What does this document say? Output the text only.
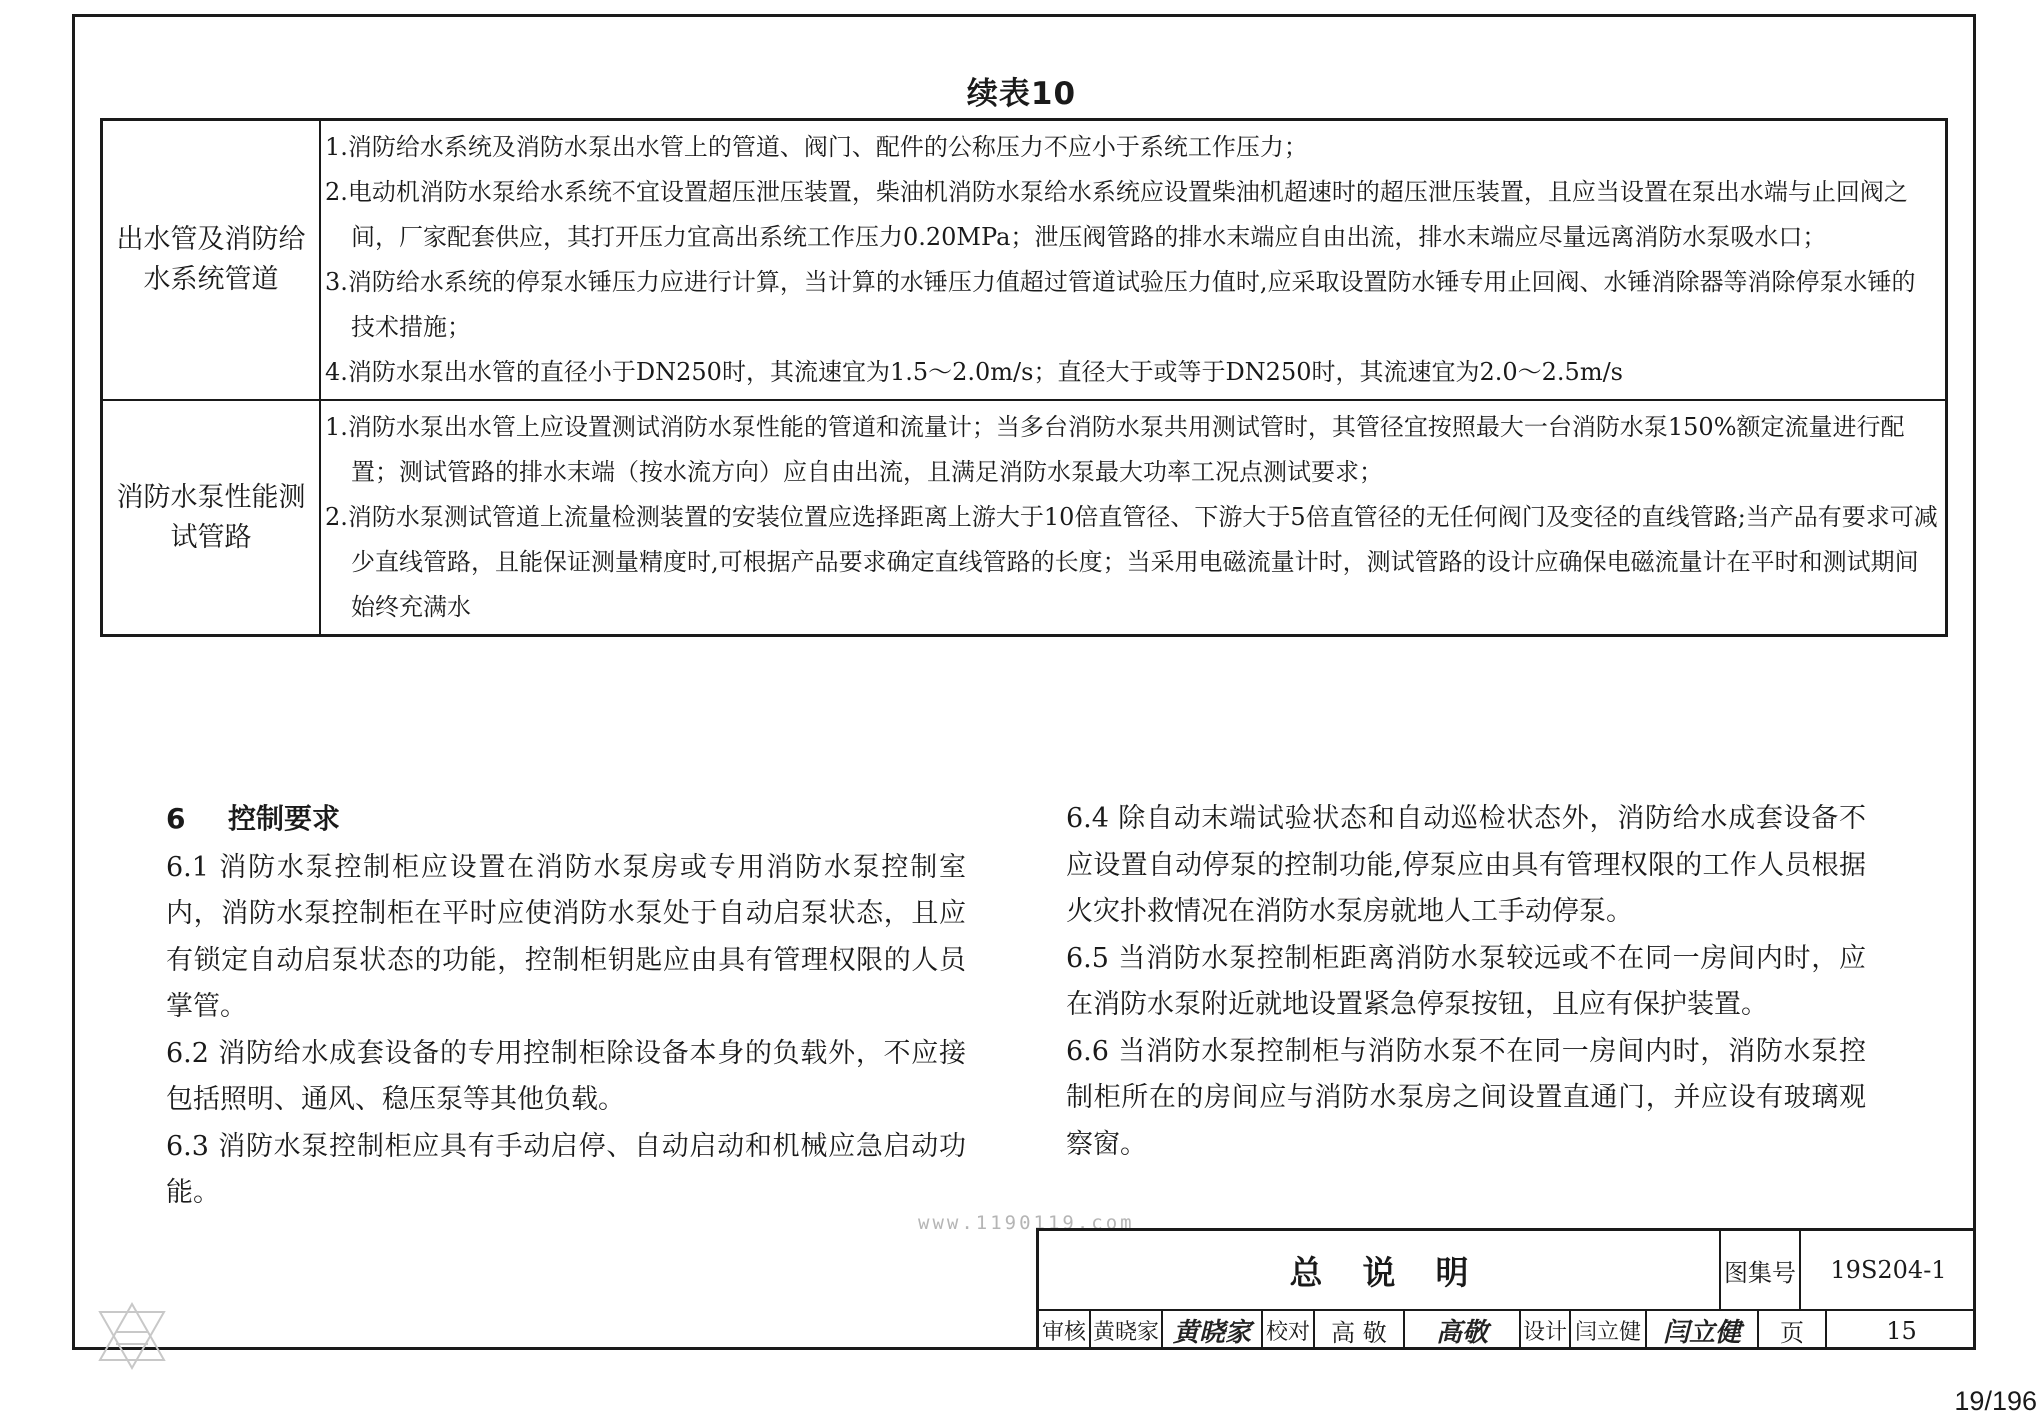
续表10
出水管及消防给水系统管道	1.消防给水系统及消防水泵出水管上的管道、阀门、配件的公称压力不应小于系统工作压力；
2.电动机消防水泵给水系统不宜设置超压泄压装置，柴油机消防水泵给水系统应设置柴油机超速时的超压泄压装置，且应当设置在泵出水端与止回阀之间，厂家配套供应，其打开压力宜高出系统工作压力0.20MPa；泄压阀管路的排水末端应自由出流，排水末端应尽量远离消防水泵吸水口；
3.消防给水系统的停泵水锤压力应进行计算，当计算的水锤压力值超过管道试验压力值时,应采取设置防水锤专用止回阀、水锤消除器等消除停泵水锤的技术措施；
4.消防水泵出水管的直径小于DN250时，其流速宜为1.5～2.0m/s；直径大于或等于DN250时，其流速宜为2.0～2.5m/s

消防水泵性能测试管路	1.消防水泵出水管上应设置测试消防水泵性能的管道和流量计；当多台消防水泵共用测试管时，其管径宜按照最大一台消防水泵150%额定流量进行配置；测试管路的排水末端（按水流方向）应自由出流，且满足消防水泵最大功率工况点测试要求；
2.消防水泵测试管道上流量检测装置的安装位置应选择距离上游大于10倍直管径、下游大于5倍直管径的无任何阀门及变径的直线管路;当产品有要求可减少直线管路，且能保证测量精度时,可根据产品要求确定直线管路的长度；当采用电磁流量计时，测试管路的设计应确保电磁流量计在平时和测试期间始终充满水
6 控制要求
6.1 消防水泵控制柜应设置在消防水泵房或专用消防水泵控制室内，消防水泵控制柜在平时应使消防水泵处于自动启泵状态，且应有锁定自动启泵状态的功能，控制柜钥匙应由具有管理权限的人员掌管。
6.2 消防给水成套设备的专用控制柜除设备本身的负载外，不应接包括照明、通风、稳压泵等其他负载。
6.3 消防水泵控制柜应具有手动启停、自动启动和机械应急启动功能。
6.4 除自动末端试验状态和自动巡检状态外，消防给水成套设备不应设置自动停泵的控制功能,停泵应由具有管理权限的工作人员根据火灾扑救情况在消防水泵房就地人工手动停泵。
6.5 当消防水泵控制柜距离消防水泵较远或不在同一房间内时，应在消防水泵附近就地设置紧急停泵按钮，且应有保护装置。
6.6 当消防水泵控制柜与消防水泵不在同一房间内时，消防水泵控制柜所在的房间应与消防水泵房之间设置直通门，并应设有玻璃观察窗。
www.1190119.com
总说明	图集号	19S204-1
审核 黄晓家 黄晓家 校对 高 敬	高敬 设计 闫立健 闫立健	页	15
19/196
